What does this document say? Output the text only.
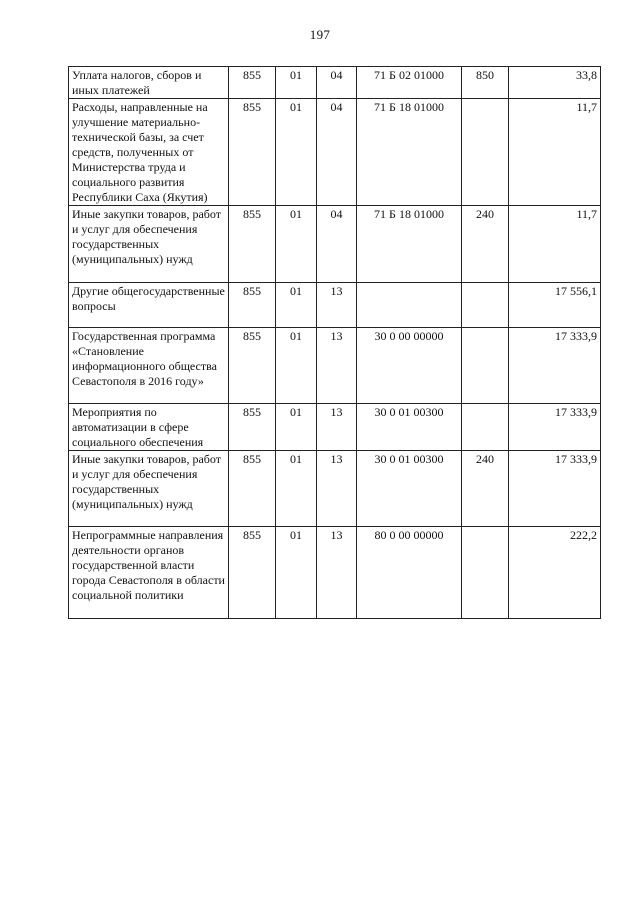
197
Уплата налогов, сборов и иных платежей	855	01	04	71 Б 02 01000	850	33,8
Расходы, направленные на улучшение материально-технической базы, за счет средств, полученных от Министерства труда и социального развития Республики Саха (Якутия)	855	01	04	71 Б 18 01000		11,7
Иные закупки товаров, работ и услуг для обеспечения государственных (муниципальных) нужд	855	01	04	71 Б 18 01000	240	11,7
Другие общегосударственные вопросы	855	01	13			17 556,1
Государственная программа «Становление информационного общества Севастополя в 2016 году»	855	01	13	30 0 00 00000		17 333,9
Мероприятия по автоматизации в сфере социального обеспечения	855	01	13	30 0 01 00300		17 333,9
Иные закупки товаров, работ и услуг для обеспечения государственных (муниципальных) нужд	855	01	13	30 0 01 00300	240	17 333,9
Непрограммные направления деятельности органов государственной власти города Севастополя в области социальной политики	855	01	13	80 0 00 00000		222,2
